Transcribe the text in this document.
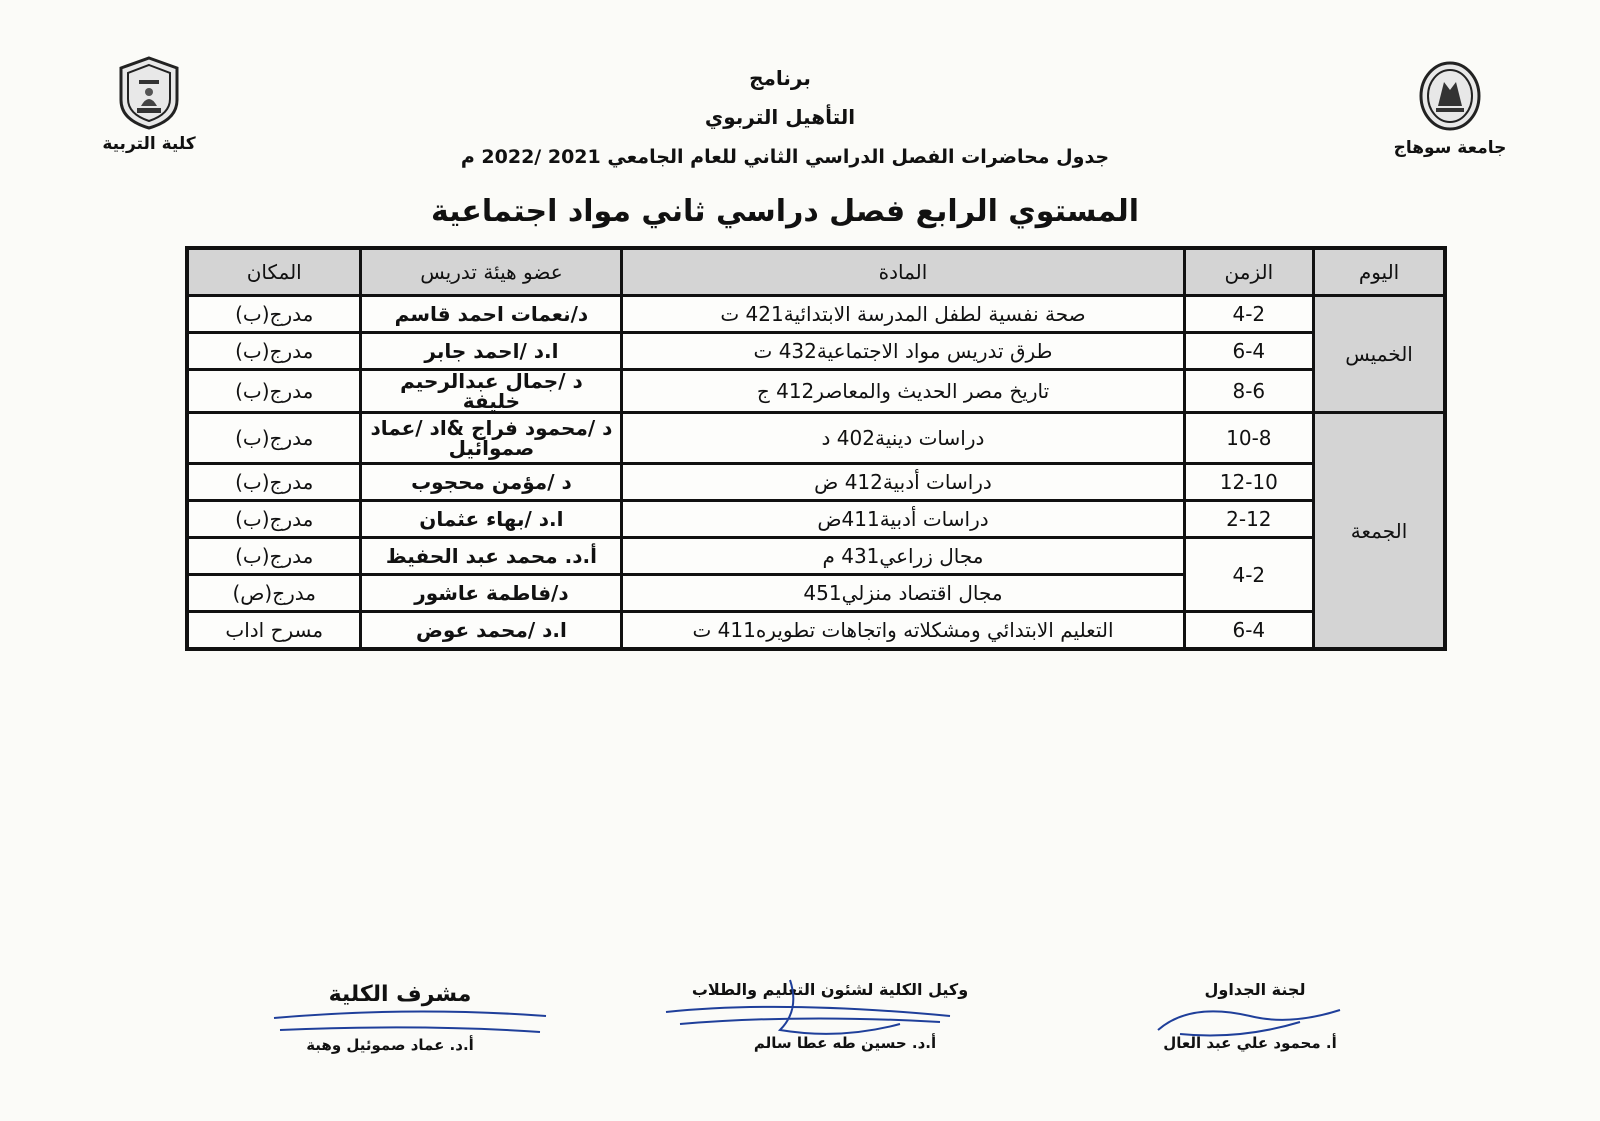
كلية التربية	جامعة سوهاج
برنامج
التأهيل التربوي
جدول محاضرات الفصل الدراسي الثاني للعام الجامعي 2021 /2022 م
المستوي الرابع فصل دراسي ثاني مواد اجتماعية
اليوم	الزمن	المادة	عضو هيئة تدريس	المكان
الخميس	4-2	صحة نفسية لطفل المدرسة الابتدائية421 ت	د/نعمات احمد قاسم	مدرج(ب)
	6-4	طرق تدريس مواد الاجتماعية432 ت	ا.د /احمد جابر	مدرج(ب)
	8-6	تاريخ مصر الحديث والمعاصر412 ج	د /جمال عبدالرحيم خليفة	مدرج(ب)
الجمعة	10-8	دراسات دينية402 د	د /محمود فراج &اد /عماد صموائيل	مدرج(ب)
	12-10	دراسات أدبية412 ض	د /مؤمن محجوب	مدرج(ب)
	2-12	دراسات أدبية411ض	ا.د /بهاء عثمان	مدرج(ب)
	4-2	مجال زراعي431 م	أ.د. محمد عبد الحفيظ	مدرج(ب)
		مجال اقتصاد منزلي451	د/فاطمة عاشور	مدرج(ص)
	6-4	التعليم الابتدائي ومشكلاته واتجاهات تطويره411 ت	ا.د /محمد عوض	مسرح اداب
لجنة الجداول
أ. محمود علي عبد العال
وكيل الكلية لشئون التعليم والطلاب
أ.د. حسين طه عطا سالم
مشرف الكلية
أ.د. عماد صموئيل وهبة
